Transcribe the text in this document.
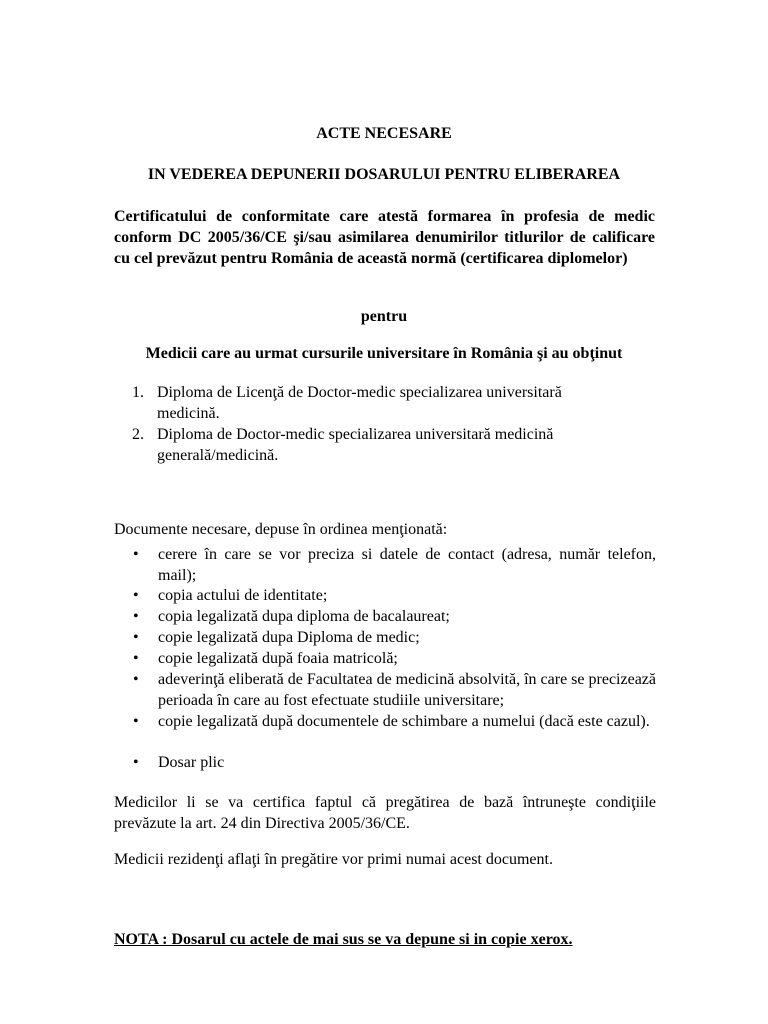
ACTE NECESARE

IN VEDEREA DEPUNERII DOSARULUI PENTRU ELIBERAREA

Certificatului de conformitate care atestă formarea în profesia de medic conform DC 2005/36/CE şi/sau asimilarea denumirilor titlurilor de calificare cu cel prevăzut pentru România de această normă (certificarea diplomelor)

pentru

Medicii care au urmat cursurile universitare în România şi au obţinut

1. Diploma de Licenţă de Doctor-medic specializarea universitară medicină.
2. Diploma de Doctor-medic specializarea universitară medicină generală/medicină.

Documente necesare, depuse în ordinea menţionată:

• cerere în care se vor preciza si datele de contact (adresa, număr telefon, mail);
• copia actului de identitate;
• copia legalizată dupa diploma de bacalaureat;
• copie legalizată dupa Diploma de medic;
• copie legalizată după foaia matricolă;
• adeverinţă eliberată de Facultatea de medicină absolvită, în care se precizează perioada în care au fost efectuate studiile universitare;
• copie legalizată după documentele de schimbare a numelui (dacă este cazul).
• Dosar plic

Medicilor li se va certifica faptul că pregătirea de bază întruneşte condiţiile prevăzute la art. 24 din Directiva 2005/36/CE.

Medicii rezidenţi aflaţi în pregătire vor primi numai acest document.

NOTA : Dosarul cu actele de mai sus se va depune si in copie xerox.
